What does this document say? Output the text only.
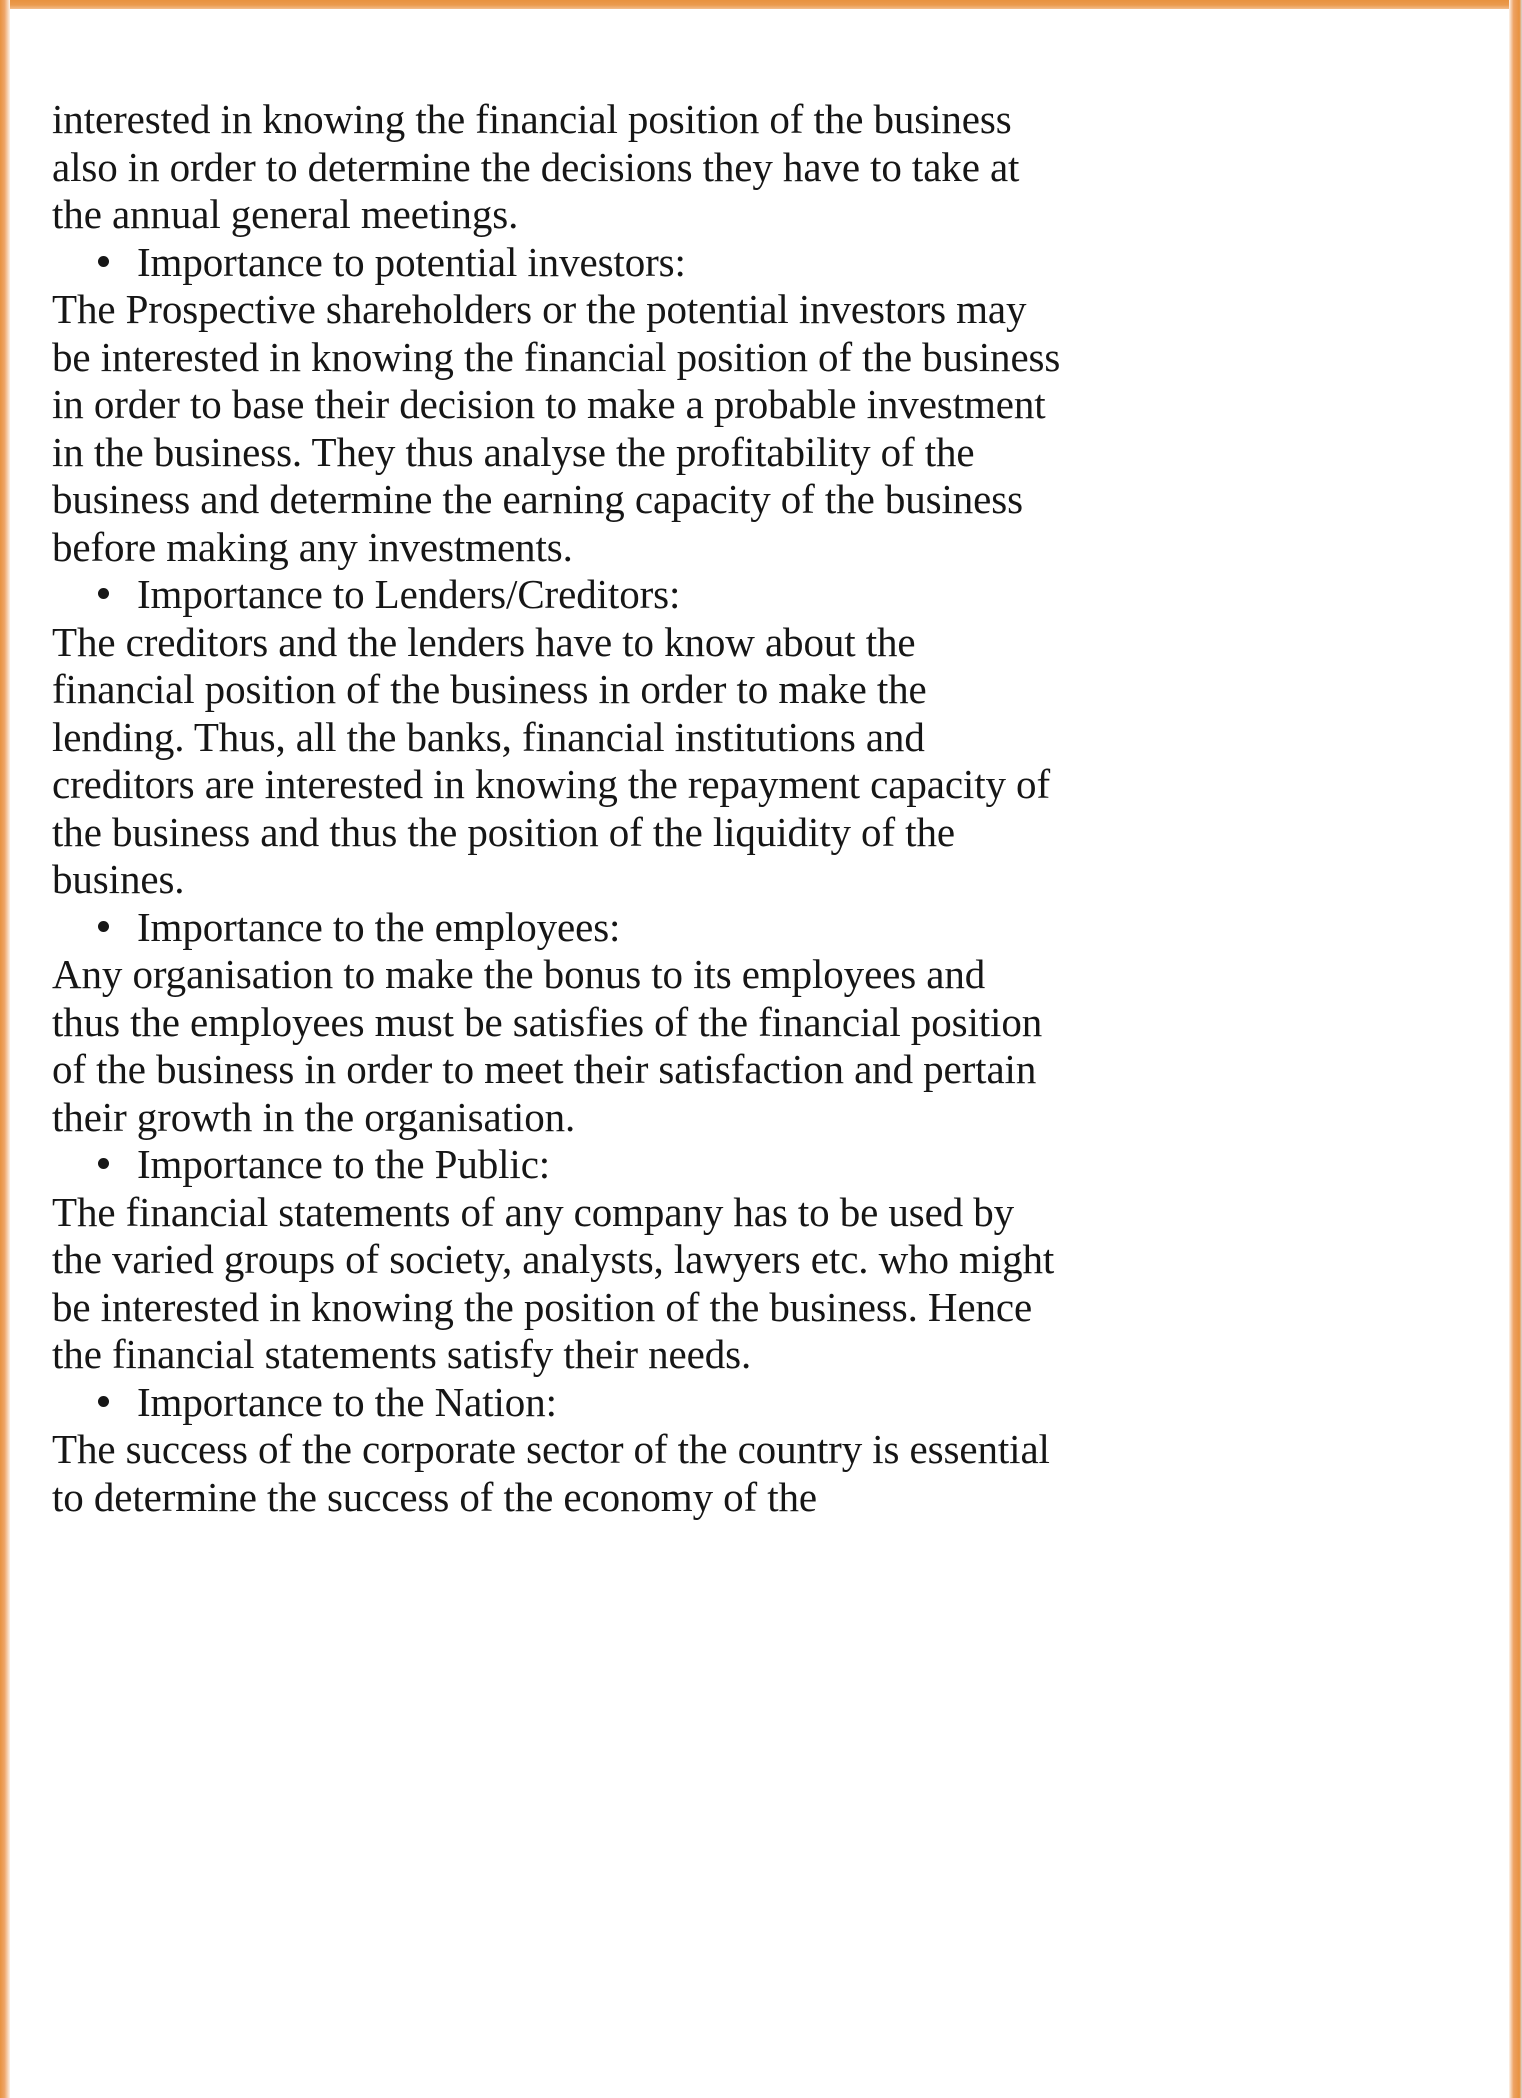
interested in knowing the financial position of the business also in order to determine the decisions they have to take at the annual general meetings.

Importance to potential investors:

The Prospective shareholders or the potential investors may be interested in knowing the financial position of the business in order to base their decision to make a probable investment in the business. They thus analyse the profitability of the business and determine the earning capacity of the business before making any investments.

Importance to Lenders/Creditors:

The creditors and the lenders have to know about the financial position of the business in order to make the lending. Thus, all the banks, financial institutions and creditors are interested in knowing the repayment capacity of the business and thus the position of the liquidity of the busines.

Importance to the employees:

Any organisation to make the bonus to its employees and thus the employees must be satisfies of the financial position of the business in order to meet their satisfaction and pertain their growth in the organisation.

Importance to the Public:

The financial statements of any company has to be used by the varied groups of society, analysts, lawyers etc. who might be interested in knowing the position of the business. Hence the financial statements satisfy their needs.

Importance to the Nation:

The success of the corporate sector of the country is essential to determine the success of the economy of the
